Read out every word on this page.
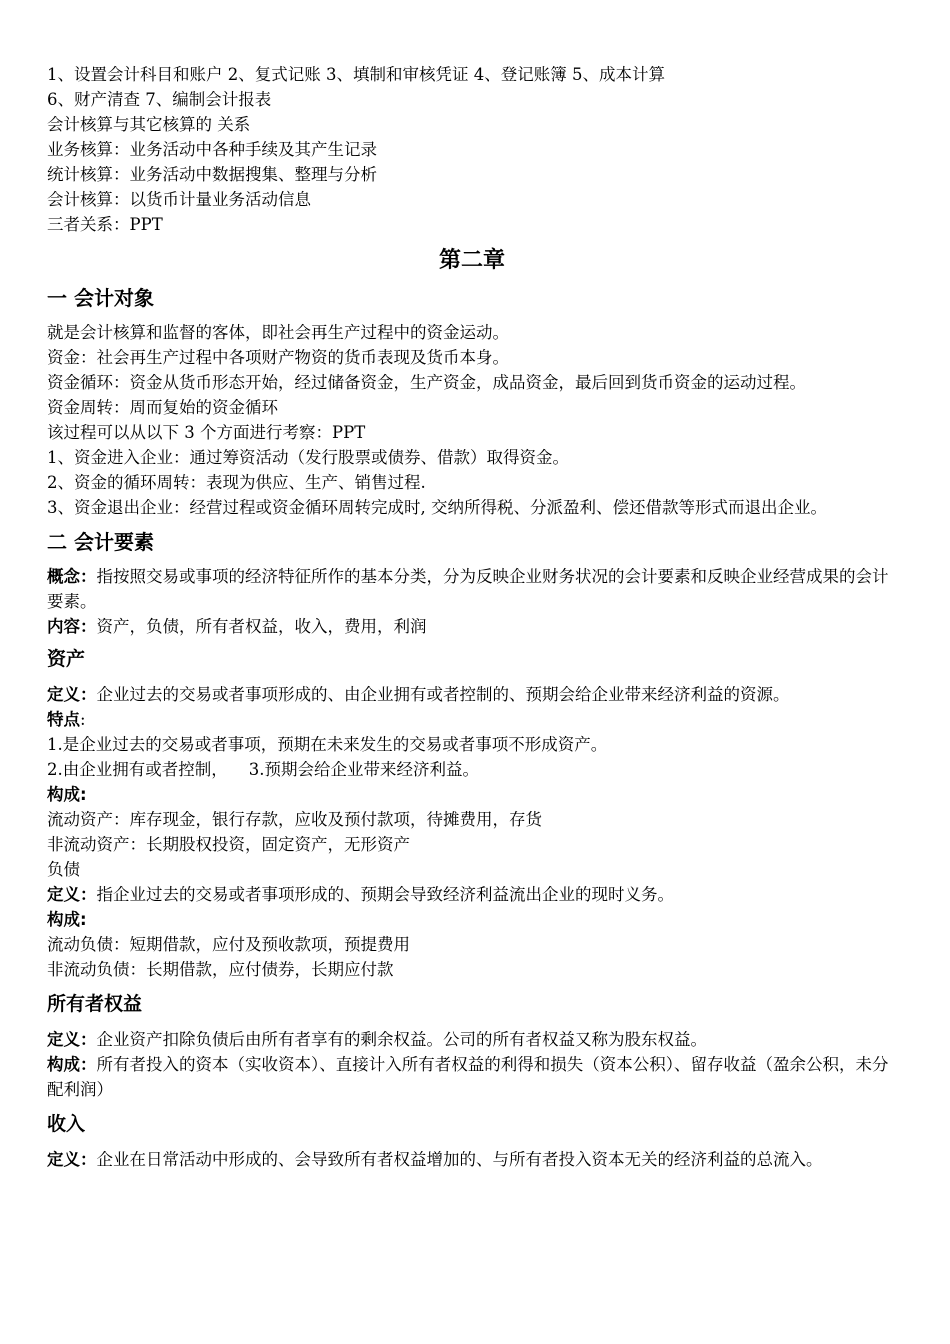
1、设置会计科目和账户 2、复式记账 3、填制和审核凭证 4、登记账簿 5、成本计算
6、财产清查 7、编制会计报表
会计核算与其它核算的 关系
业务核算：业务活动中各种手续及其产生记录
统计核算：业务活动中数据搜集、整理与分析
会计核算：以货币计量业务活动信息
三者关系：PPT
第二章
一 会计对象
就是会计核算和监督的客体，即社会再生产过程中的资金运动。
资金：社会再生产过程中各项财产物资的货币表现及货币本身。
资金循环：资金从货币形态开始，经过储备资金，生产资金，成品资金，最后回到货币资金的运动过程。
资金周转：周而复始的资金循环
该过程可以从以下 3 个方面进行考察：PPT
1、资金进入企业：通过筹资活动（发行股票或债券、借款）取得资金。
2、资金的循环周转：表现为供应、生产、销售过程.
3、资金退出企业：经营过程或资金循环周转完成时, 交纳所得税、分派盈利、偿还借款等形式而退出企业。
二 会计要素
概念：指按照交易或事项的经济特征所作的基本分类，分为反映企业财务状况的会计要素和反映企业经营成果的会计要素。
内容：资产，负债，所有者权益，收入，费用，利润
资产
定义：企业过去的交易或者事项形成的、由企业拥有或者控制的、预期会给企业带来经济利益的资源。
特点:
1.是企业过去的交易或者事项，预期在未来发生的交易或者事项不形成资产。
2.由企业拥有或者控制，    3.预期会给企业带来经济利益。
构成:
流动资产：库存现金，银行存款，应收及预付款项，待摊费用，存货
非流动资产：长期股权投资，固定资产，无形资产
负债
定义：指企业过去的交易或者事项形成的、预期会导致经济利益流出企业的现时义务。
构成:
流动负债：短期借款，应付及预收款项，预提费用
非流动负债：长期借款，应付债券，长期应付款
所有者权益
定义：企业资产扣除负债后由所有者享有的剩余权益。公司的所有者权益又称为股东权益。
构成：所有者投入的资本（实收资本）、直接计入所有者权益的利得和损失（资本公积）、留存收益（盈余公积，未分配利润）
收入
定义：企业在日常活动中形成的、会导致所有者权益增加的、与所有者投入资本无关的经济利益的总流入。
